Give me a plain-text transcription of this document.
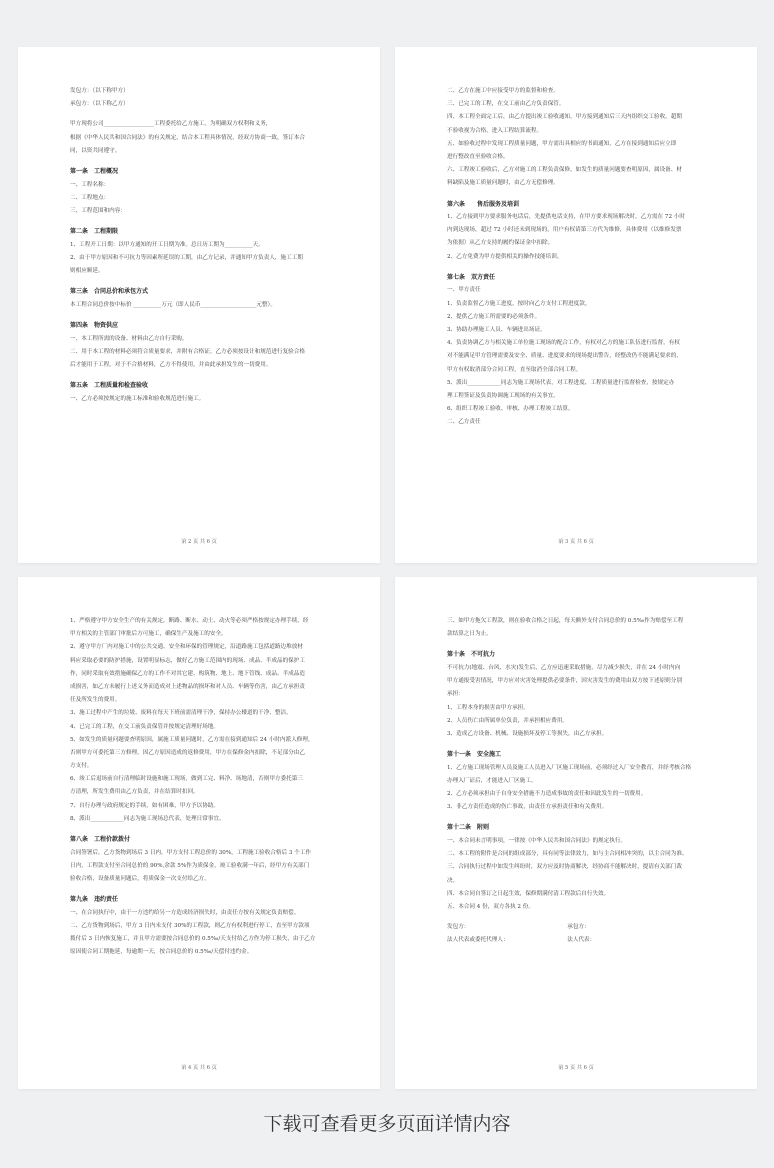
发包方：（以下称甲方）
承包方：（以下称乙方）
甲方现将公司__________________工程委托给乙方施工，为明确双方权利和义务，
根据《中华人民共和国合同法》的有关规定，结合本工程具体情况，经双方协商一致，签订本合
同，以资共同遵守。
第一条　工程概况
一、工程名称：
二、工程地点：
三、工程范围和内容：
第二条　工程期限
1、工程开工日期：以甲方通知的开工日期为准。总日历工期为__________天。
2、由于甲方原因和不可抗力等因素所延误的工期，由乙方记录，并通知甲方负责人，施工工期
则相应顺延。
第三条　合同总价和承包方式
本工程合同总价按中标价 __________万元（即人民币____________________元整）。
第四条　物资供应
一、本工程所需的设备、材料由乙方自行采购。
二、用于本工程的材料必须符合质量要求，并附有合格证。乙方必须按设计和规范进行复验合格
后才能用于工程，对于不合格材料，乙方不得使用，并由此承担发生的一切费用。
第五条　工程质量和检查验收
一、乙方必须按规定的施工标准和验收规范进行施工。
第 2 页 共 6 页
二、乙方在施工中应接受甲方的监督和检查。
三、已完工的工程，在交工前由乙方负责保管。
四、本工程全面完工后，由乙方提出竣工验收通知，甲方接到通知后三天内组织交工验收，超期
不验收视为合格，进入工程结算流程。
五、如验收过程中发现工程质量问题，甲方需出具相应的书面通知，乙方在接到通知后应立即
进行整改直至验收合格。
六、工程竣工验收后，乙方对施工的工程负责保修，如发生的质量问题要查明原因，属设备、材
料缺陷及施工质量问题时，由乙方无偿修理。
第六条　　售后服务及培训
1、乙方接到甲方要求服务电话后，先提供电话支持，在甲方要求现场解决时，乙方需在 72 小时
内到达现场，超过 72 小时还未到现场的，用户有权请第三方代为维修，具体费用（以维修发票
为依据）从乙方支持的履约保证金中扣除。
2、乙方免费为甲方提供相关的操作技能培训。
第七条　双方责任
一、甲方责任
1、负责监督乙方施工进度，按时向乙方支付工程进度款。
2、提供乙方施工所需要的必须条件。
3、协助办理施工人员、车辆进出场证。
4、负责协调乙方与相关施工单位施工现场的配合工作，有权对乙方的施工队伍进行监督，有权
对不能满足甲方管理需要及安全、质量、进度要求的现场提出警告，经整改仍不能满足要求的，
甲方有权取消部分合同工程，直至取消全部合同工程。
5、派出____________同志为施工现场代表，对工程进度、工程质量进行监督检查，按规定办
理工程签证及负责协调施工现场的有关事宜。
6、组织工程竣工验收、审核、办理工程竣工结算。
二、乙方责任
第 3 页 共 6 页
1、严格遵守甲方安全生产的有关规定，断路、断水、动土、动火等必须严格按规定办理手续，经
甲方相关的主管部门审批后方可施工，确保生产及施工的安全。
2、遵守甲方厂内对施工中的公共交通、安全和环保的管理规定，沿道路施工包括道路边堆放材
料应采取必要的防护措施，设置明显标志，做好乙方施工范围内的现场、成品、半成品的保护工
作，同时采取有效措施确保乙方的工作不对其它建、构筑物、地上、地下管线、成品、半成品造
成损害，如乙方未履行上述义务而造成对上述物品的损坏和对人员、车辆等伤害，由乙方承担责
任及所发生的费用。
3、施工过程中产生的垃圾、废料在每天下班前需清理干净，保持办公楼道的干净、整洁。
4、已完工的工程，在交工前负责保管并按规定清理好场地。
5、如发生的质量问题要查明原因，属施工质量问题时，乙方需在接到通知后 24 小时内派人修理，
否则甲方可委托第三方修理，因乙方原因造成的返修费用，甲方在保修金内扣除，不足部分由乙
方支付。
6、竣工后退场前自行清理临时设施和施工现场，做到工完、料净、场地清，否则甲方委托第三
方清理，所发生费用由乙方负责，并在结算时扣回。
7、自行办理与政府规定的手续，如有困难，甲方予以协助。
8、派出____________同志为施工现场总代表，处理日常事宜。
第八条　工程价款拨付
合同签署后，乙方货物到场后 3 日内，甲方支付工程总价的 30%，工程施工验收合格后 3 个工作
日内，工程款支付至合同总价的 90%,余款 5%作为质保金，竣工验收满一年后，经甲方有关部门
验收合格，设备质量问题后，将质保金一次支付给乙方。
第九条　违约责任
一、在合同执行中，由于一方违约给另一方造成经济损失时，由责任方按有关规定负责赔偿。
二、乙方货物到场后，甲方 3 日内未支付 30%的工程款，则乙方有权利进行停工，直至甲方款项
拨付后 3 日内恢复施工，并且甲方需要按合同总价的 0.5‰/天支付给乙方作为停工损失，由于乙方
原因使合同工期拖延，每逾期一天，按合同总价的 0.5‰/天偿付违约金。
第 4 页 共 6 页
三、如甲方拖欠工程款，则在验收合格之日起，每天额外支付合同总价的 0.5‰作为赔偿至工程
款结算之日为止。
第十条　不可抗力
不可抗力(地震、台风、水灾)发生后，乙方应迅速采取措施，尽力减少损失，并在 24 小时内向
甲方通报受害情况，甲方应对灾害处理提供必要条件，因灾害发生的费用由双方按下述原则分别
承担：
1、工程本身的损害由甲方承担。
2、人员伤亡由所属单位负责，并承担相应费用。
3、造成乙方设备、机械、设施损坏及停工等损失，由乙方承担。
第十一条　安全施工
1、乙方施工现场管理人员及施工人员进入厂区施工现场前，必须经过入厂安全教育，并经考核合格
办理入厂证后，才能进入厂区施工。
2、乙方必须承担由于自身安全措施不力造成事故的责任和因此发生的一切费用。
3、非乙方责任造成的伤亡事故，由责任方承担责任和有关费用。
第十二条　附则
一、本合同未言明事项，一律按《中华人民共和国合同法》的规定执行。
二、本工程的附件是合同的组成部分，具有同等法律效力，如与主合同相冲突的，以主合同为准。
三、合同执行过程中如发生纠纷时，双方应及时协商解决，经协商不能解决时，提请有关部门裁
决。
四、本合同自签订之日起生效，保修期满付清工程款后自行失效。
五、本合同 4 份，双方各执 2 份。
发包方：　　　　　　　　　　　　　　　　　　承包方：
法人代表或委托代理人：　　　　　　　　　　　法人代表：
第 5 页 共 6 页
下载可查看更多页面详情内容
